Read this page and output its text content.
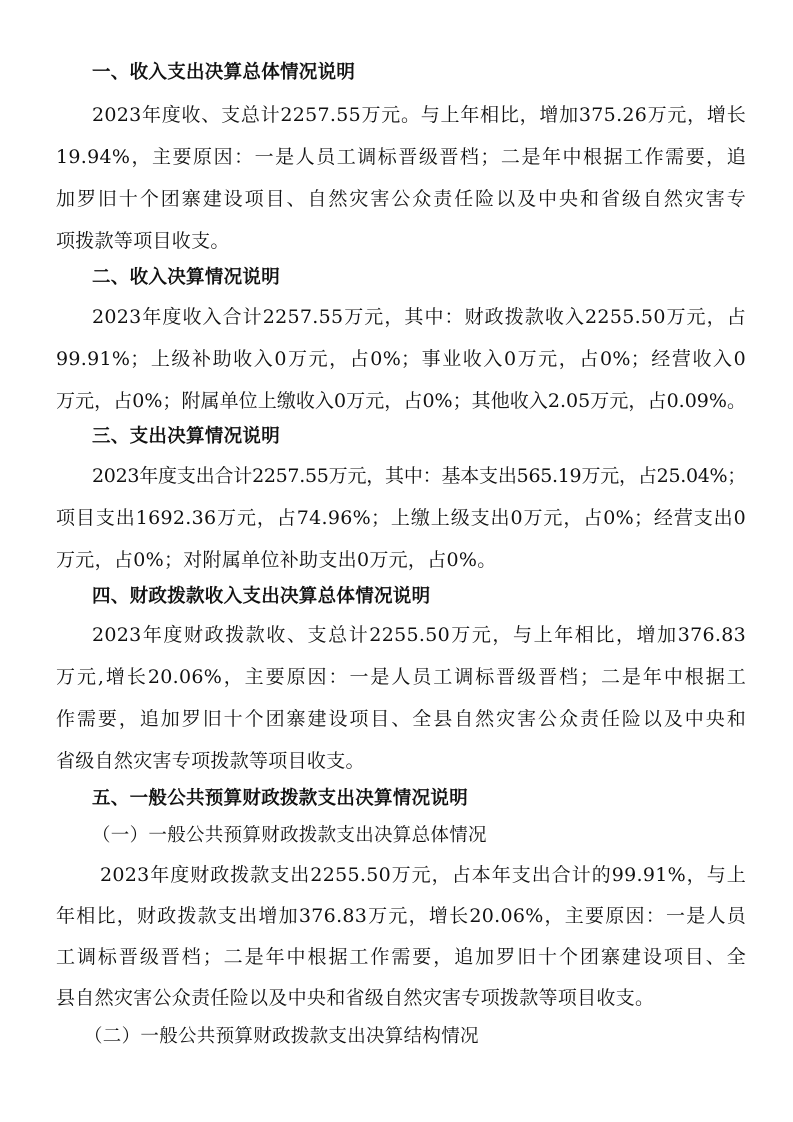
一、收入支出决算总体情况说明

2023年度收、支总计2257.55万元。与上年相比，增加375.26万元，增长

19.94%，主要原因：一是人员工调标晋级晋档；二是年中根据工作需要，追

加罗旧十个团寨建设项目、自然灾害公众责任险以及中央和省级自然灾害专

项拨款等项目收支。

二、收入决算情况说明

2023年度收入合计2257.55万元，其中：财政拨款收入2255.50万元，占

99.91%；上级补助收入0万元，占0%；事业收入0万元，占0%；经营收入0

万元，占0%；附属单位上缴收入0万元，占0%；其他收入2.05万元，占0.09%。

三、支出决算情况说明

2023年度支出合计2257.55万元，其中：基本支出565.19万元，占25.04%；

项目支出1692.36万元，占74.96%；上缴上级支出0万元，占0%；经营支出0

万元，占0%；对附属单位补助支出0万元，占0%。

四、财政拨款收入支出决算总体情况说明

2023年度财政拨款收、支总计2255.50万元，与上年相比，增加376.83

万元,增长20.06%，主要原因：一是人员工调标晋级晋档；二是年中根据工

作需要，追加罗旧十个团寨建设项目、全县自然灾害公众责任险以及中央和

省级自然灾害专项拨款等项目收支。

五、一般公共预算财政拨款支出决算情况说明

（一）一般公共预算财政拨款支出决算总体情况

2023年度财政拨款支出2255.50万元，占本年支出合计的99.91%，与上

年相比，财政拨款支出增加376.83万元，增长20.06%，主要原因：一是人员

工调标晋级晋档；二是年中根据工作需要，追加罗旧十个团寨建设项目、全

县自然灾害公众责任险以及中央和省级自然灾害专项拨款等项目收支。

（二）一般公共预算财政拨款支出决算结构情况
